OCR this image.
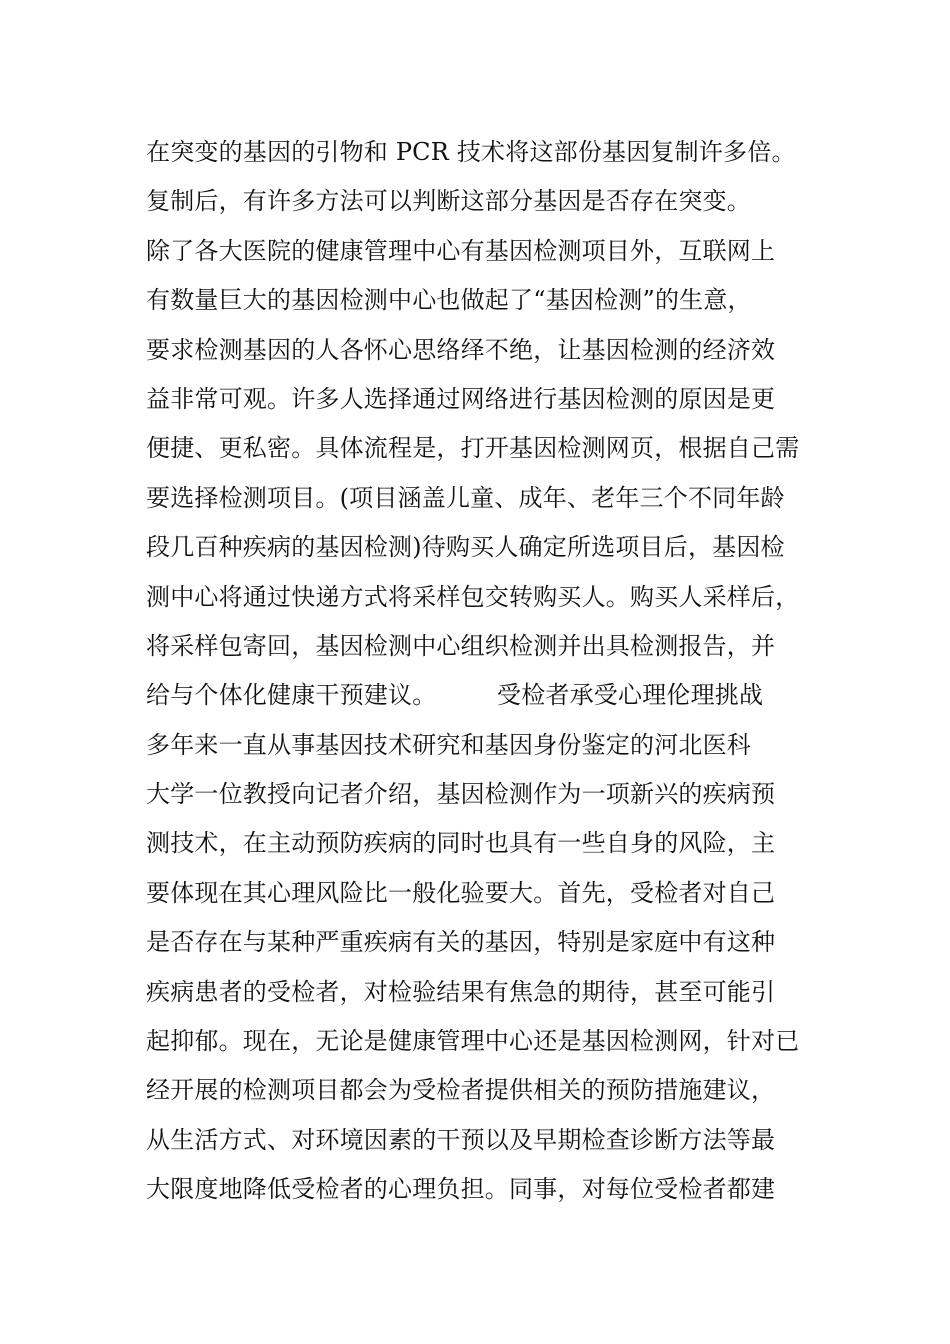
在突变的基因的引物和 PCR 技术将这部份基因复制许多倍。
复制后，有许多方法可以判断这部分基因是否存在突变。
除了各大医院的健康管理中心有基因检测项目外，互联网上
有数量巨大的基因检测中心也做起了“基因检测”的生意，
要求检测基因的人各怀心思络绎不绝，让基因检测的经济效
益非常可观。许多人选择通过网络进行基因检测的原因是更
便捷、更私密。具体流程是，打开基因检测网页，根据自己需
要选择检测项目。(项目涵盖儿童、成年、老年三个不同年龄
段几百种疾病的基因检测)待购买人确定所选项目后，基因检
测中心将通过快递方式将采样包交转购买人。购买人采样后，
将采样包寄回，基因检测中心组织检测并出具检测报告，并
给与个体化健康干预建议。　　　受检者承受心理伦理挑战
多年来一直从事基因技术研究和基因身份鉴定的河北医科
大学一位教授向记者介绍，基因检测作为一项新兴的疾病预
测技术，在主动预防疾病的同时也具有一些自身的风险，主
要体现在其心理风险比一般化验要大。首先，受检者对自己
是否存在与某种严重疾病有关的基因，特别是家庭中有这种
疾病患者的受检者，对检验结果有焦急的期待，甚至可能引
起抑郁。现在，无论是健康管理中心还是基因检测网，针对已
经开展的检测项目都会为受检者提供相关的预防措施建议，
从生活方式、对环境因素的干预以及早期检查诊断方法等最
大限度地降低受检者的心理负担。同事，对每位受检者都建
